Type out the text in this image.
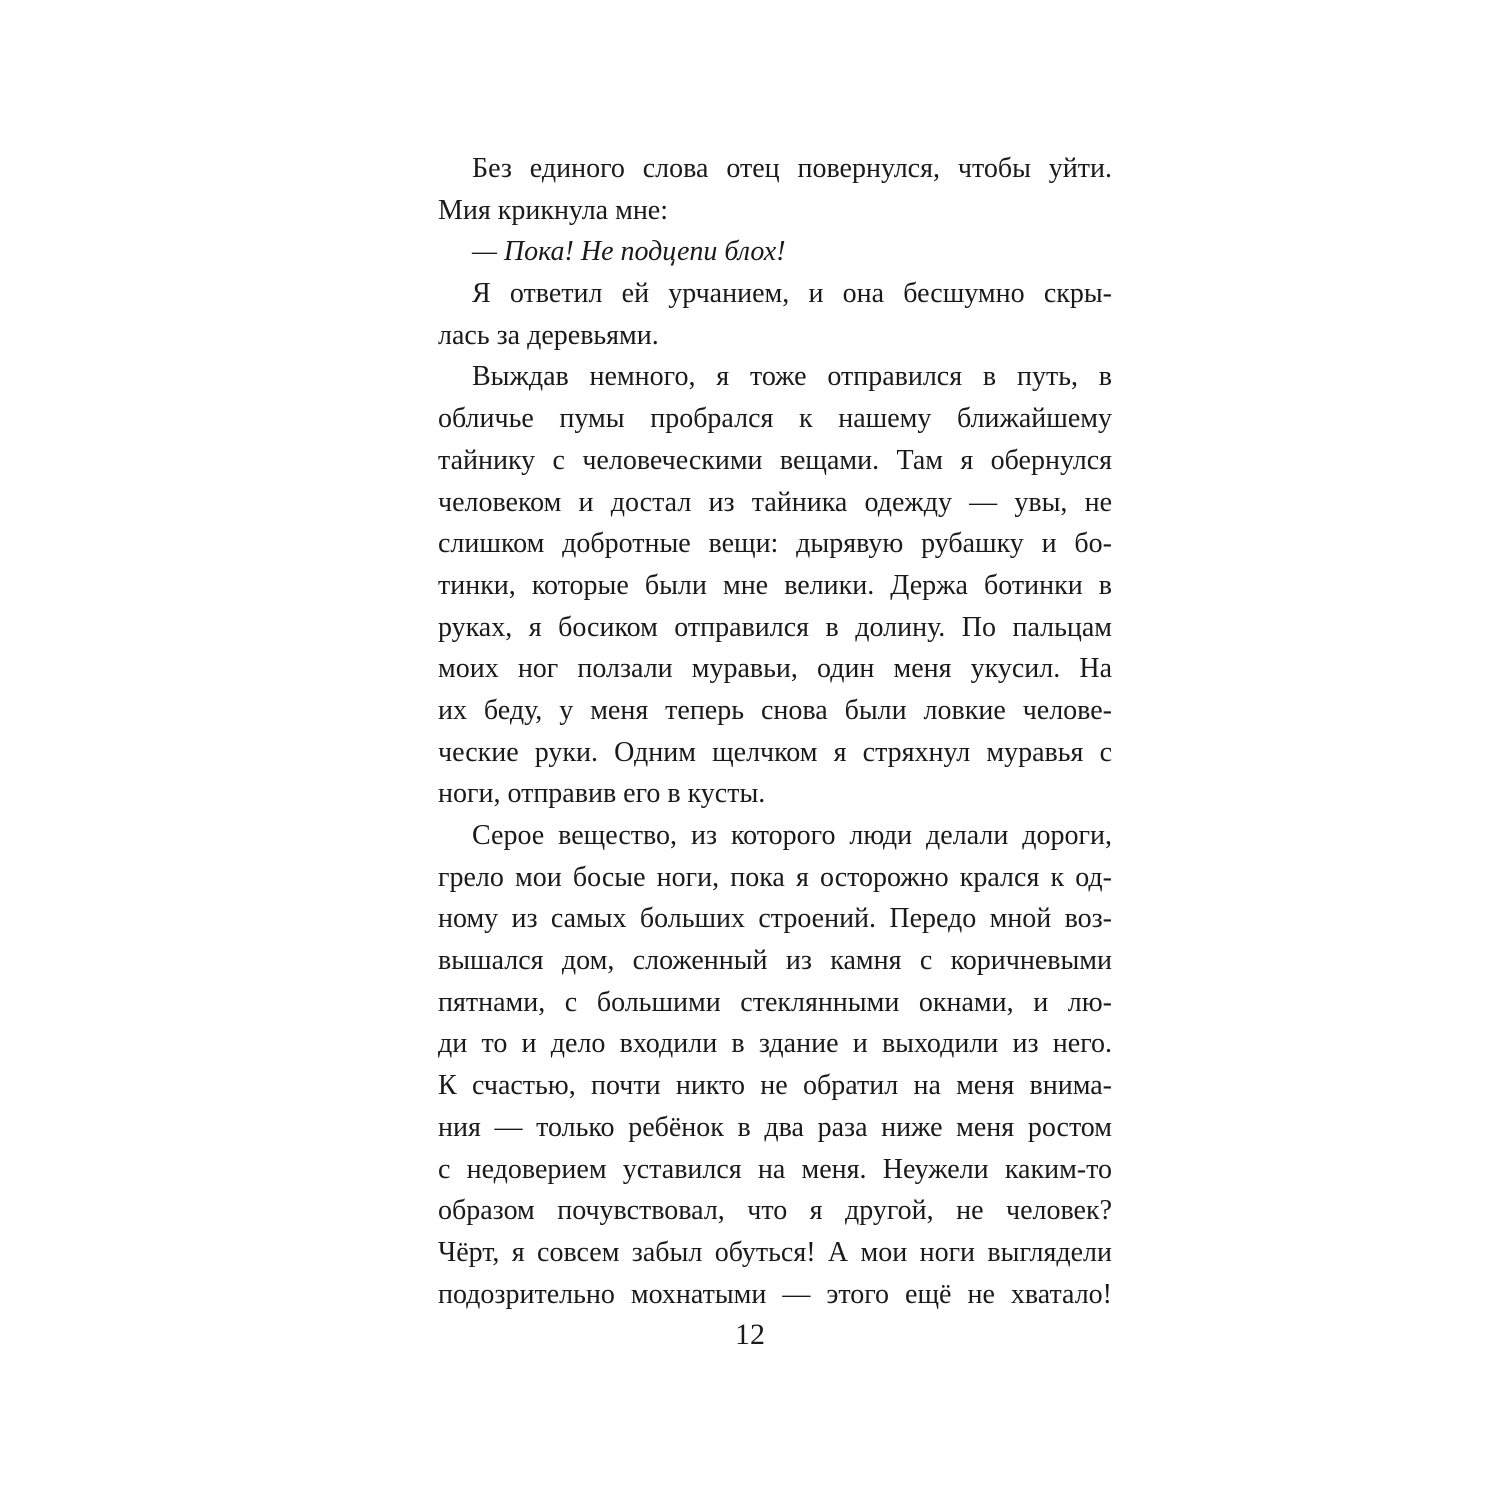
Без единого слова отец повернулся, чтобы уйти.
Мия крикнула мне:
— Пока! Не подцепи блох!
Я ответил ей урчанием, и она бесшумно скры-
лась за деревьями.
Выждав немного, я тоже отправился в путь, в
обличье пумы пробрался к нашему ближайшему
тайнику с человеческими вещами. Там я обернулся
человеком и достал из тайника одежду — увы, не
слишком добротные вещи: дырявую рубашку и бо-
тинки, которые были мне велики. Держа ботинки в
руках, я босиком отправился в долину. По пальцам
моих ног ползали муравьи, один меня укусил. На
их беду, у меня теперь снова были ловкие челове-
ческие руки. Одним щелчком я стряхнул муравья с
ноги, отправив его в кусты.
Серое вещество, из которого люди делали дороги,
грело мои босые ноги, пока я осторожно крался к од-
ному из самых больших строений. Передо мной воз-
вышался дом, сложенный из камня с коричневыми
пятнами, с большими стеклянными окнами, и лю-
ди то и дело входили в здание и выходили из него.
К счастью, почти никто не обратил на меня внима-
ния — только ребёнок в два раза ниже меня ростом
с недоверием уставился на меня. Неужели каким-то
образом почувствовал, что я другой, не человек?
Чёрт, я совсем забыл обуться! А мои ноги выглядели
подозрительно мохнатыми — этого ещё не хватало!
12
